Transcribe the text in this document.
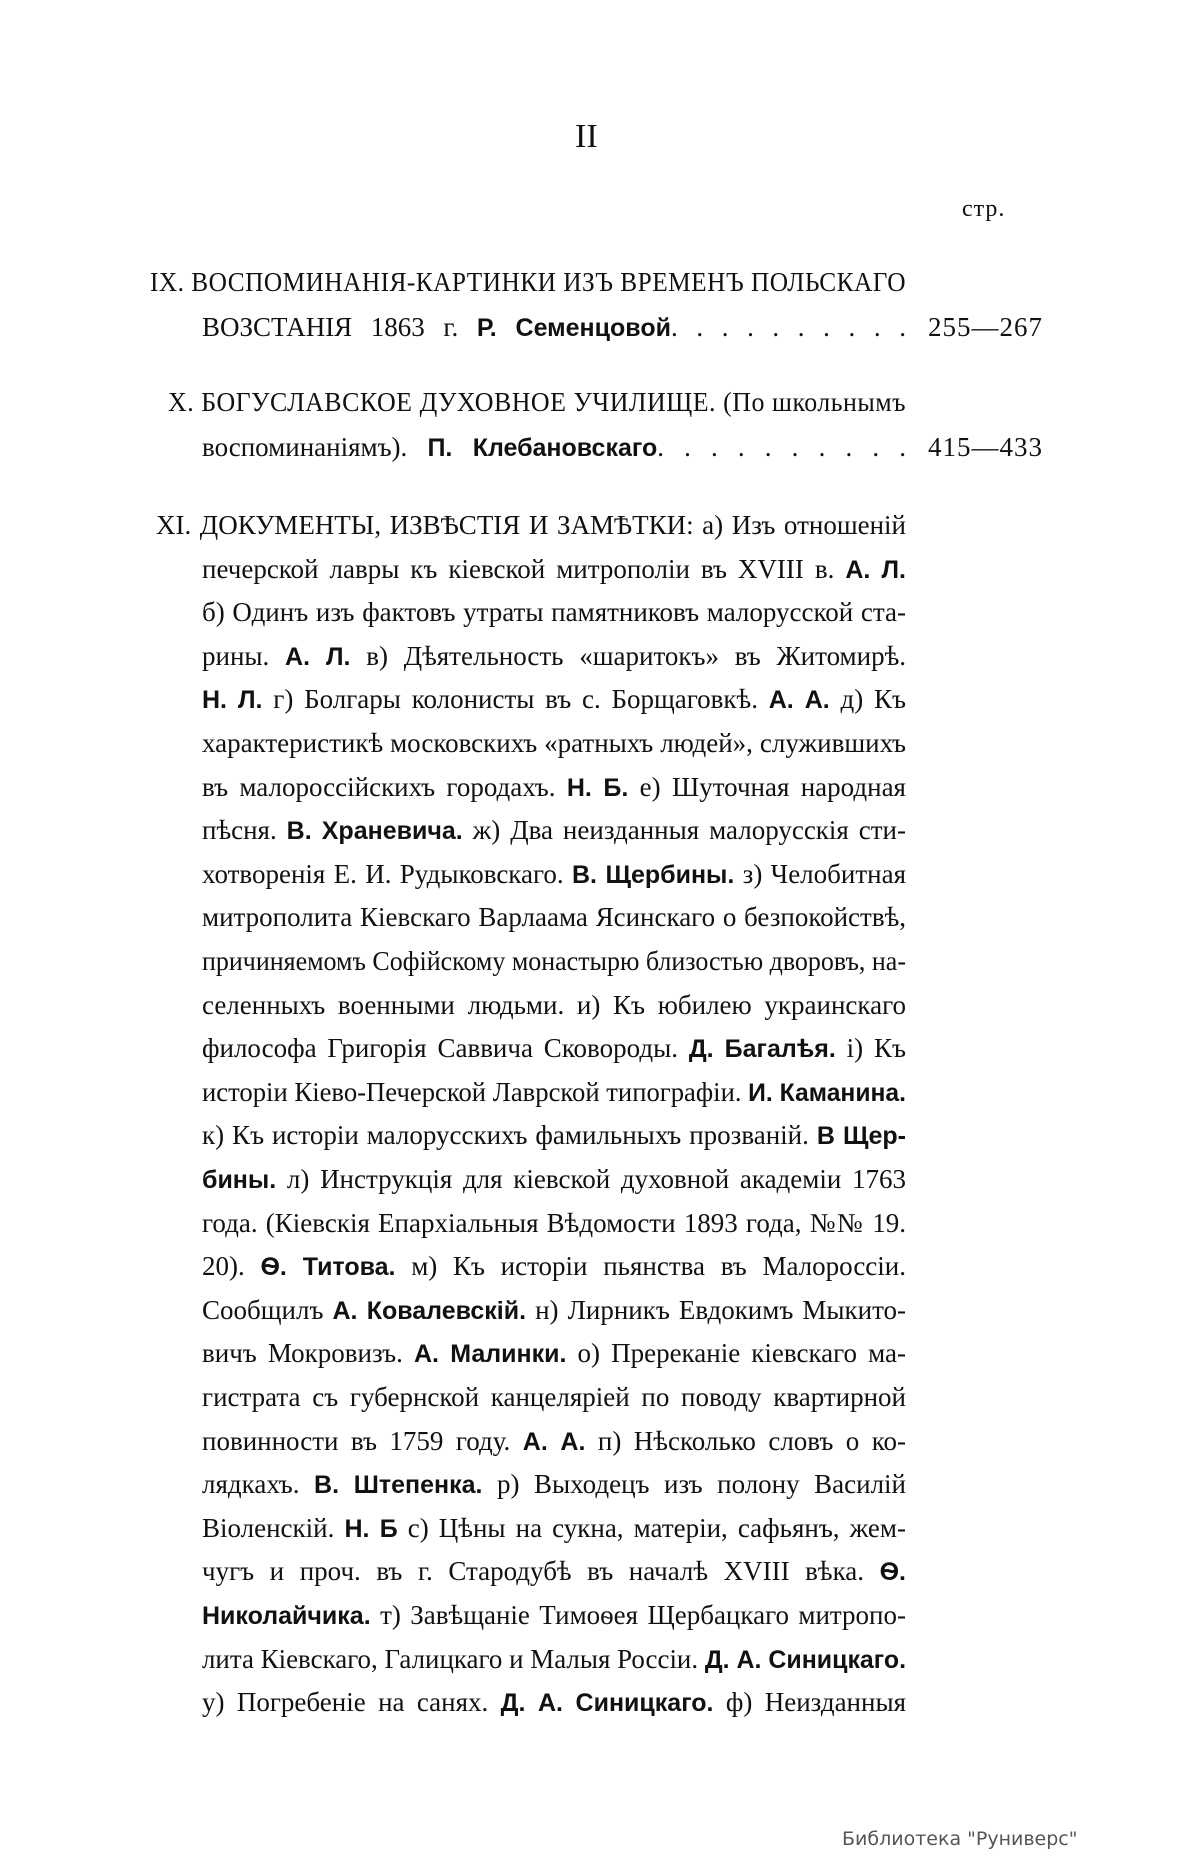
II
стр.
IX. ВОСПОМИНАНІЯ-КАРТИНКИ ИЗЪ ВРЕМЕНЪ ПОЛЬСКАГО
ВОЗСТАНІЯ 1863 г. Р. Семенцовой. . . . . . . . . . 255—267
X. БОГУСЛАВСКОЕ ДУХОВНОЕ УЧИЛИЩЕ. (По школьнымъ
воспоминаніямъ). П. Клебановскаго. . . . . . . . . . 415—433
XI. ДОКУМЕНТЫ, ИЗВѢСТІЯ И ЗАМѢТКИ: а) Изъ отношеній
печерской лавры къ кіевской митрополіи въ XVIII в. А. Л.
б) Одинъ изъ фактовъ утраты памятниковъ малорусской ста-
рины. А. Л. в) Дѣятельность «шаритокъ» въ Житомирѣ.
Н. Л. г) Болгары колонисты въ с. Борщаговкѣ. А. А. д) Къ
характеристикѣ московскихъ «ратныхъ людей», служившихъ
въ малороссійскихъ городахъ. Н. Б. е) Шуточная народная
пѣсня. В. Храневича. ж) Два неизданныя малорусскія сти-
хотворенія Е. И. Рудыковскаго. В. Щербины. з) Челобитная
митрополита Кіевскаго Варлаама Ясинскаго о безпокойствѣ,
причиняемомъ Софійскому монастырю близостью дворовъ, на-
селенныхъ военными людьми. и) Къ юбилею украинскаго
философа Григорія Саввича Сковороды. Д. Багалѣя. і) Къ
исторіи Кіево-Печерской Лаврской типографіи. И. Каманина.
к) Къ исторіи малорусскихъ фамильныхъ прозваній. В Щер-
бины. л) Инструкція для кіевской духовной академіи 1763
года. (Кіевскія Епархіальныя Вѣдомости 1893 года, №№ 19.
20). Ѳ. Титова. м) Къ исторіи пьянства въ Малороссіи.
Сообщилъ А. Ковалевскій. н) Лирникъ Евдокимъ Мыкито-
вичъ Мокровизъ. А. Малинки. о) Пререканіе кіевскаго ма-
гистрата съ губернской канцеляріей по поводу квартирной
повинности въ 1759 году. А. А. п) Нѣсколько словъ о ко-
лядкахъ. В. Штепенка. р) Выходецъ изъ полону Василій
Віоленскій. Н. Б с) Цѣны на сукна, матеріи, сафьянъ, жем-
чугъ и проч. въ г. Стародубѣ въ началѣ XVIII вѣка. Ѳ.
Николайчика. т) Завѣщаніе Тимоѳея Щербацкаго митропо-
лита Кіевскаго, Галицкаго и Малыя Россіи. Д. А. Синицкаго.
у) Погребеніе на санях. Д. А. Синицкаго. ф) Неизданныя
Библиотека "Руниверс"
